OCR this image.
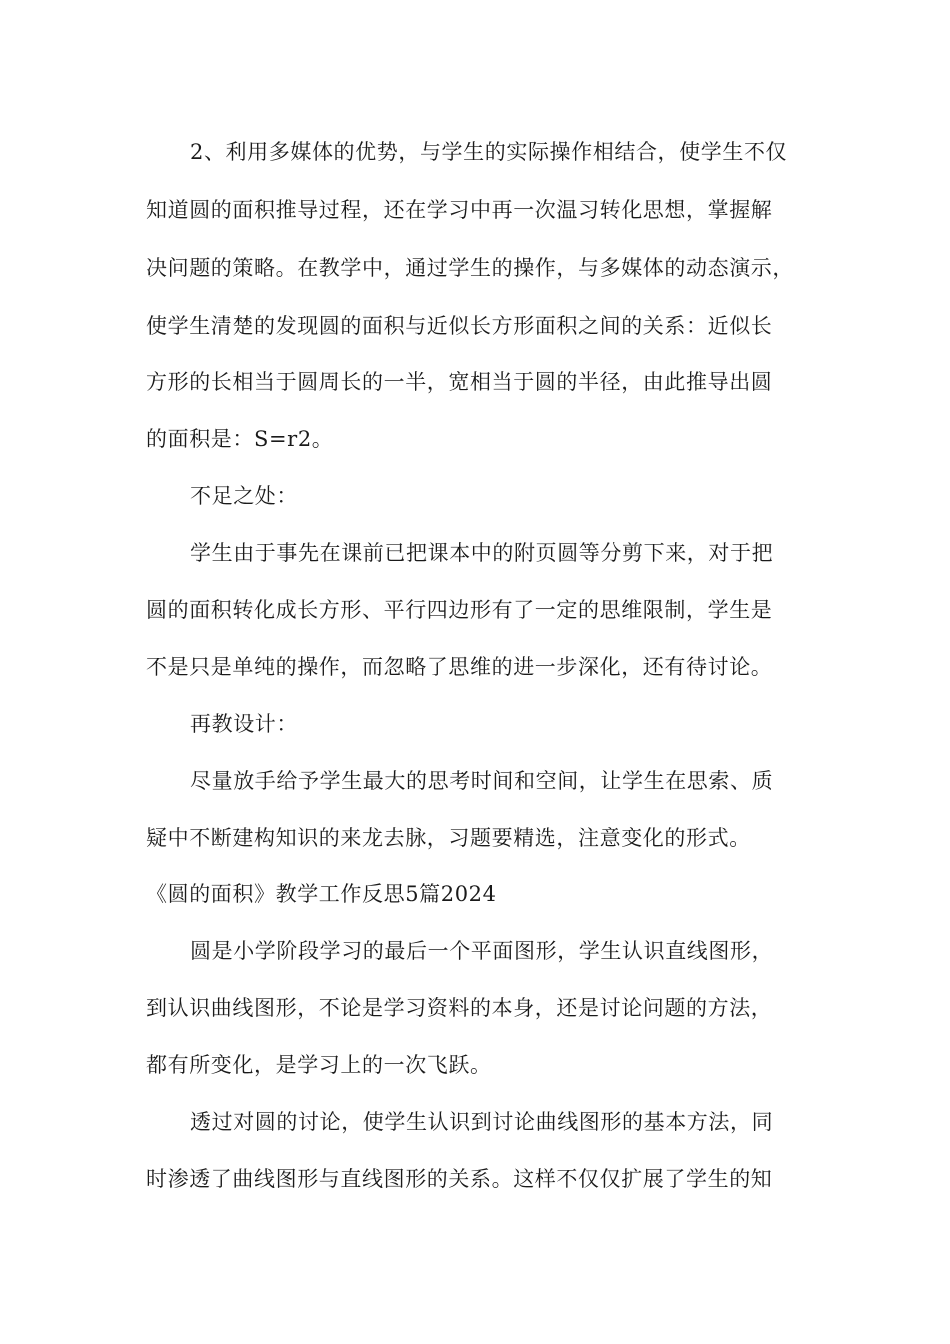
2、利用多媒体的优势，与学生的实际操作相结合，使学生不仅
知道圆的面积推导过程，还在学习中再一次温习转化思想，掌握解
决问题的策略。在教学中，通过学生的操作，与多媒体的动态演示，
使学生清楚的发现圆的面积与近似长方形面积之间的关系：近似长
方形的长相当于圆周长的一半，宽相当于圆的半径，由此推导出圆
的面积是：S=r2。
不足之处：
学生由于事先在课前已把课本中的附页圆等分剪下来，对于把
圆的面积转化成长方形、平行四边形有了一定的思维限制，学生是
不是只是单纯的操作，而忽略了思维的进一步深化，还有待讨论。
再教设计：
尽量放手给予学生最大的思考时间和空间，让学生在思索、质
疑中不断建构知识的来龙去脉，习题要精选，注意变化的形式。
《圆的面积》教学工作反思5篇2024
圆是小学阶段学习的最后一个平面图形，学生认识直线图形，
到认识曲线图形，不论是学习资料的本身，还是讨论问题的方法，
都有所变化，是学习上的一次飞跃。
透过对圆的讨论，使学生认识到讨论曲线图形的基本方法，同
时渗透了曲线图形与直线图形的关系。这样不仅仅扩展了学生的知
